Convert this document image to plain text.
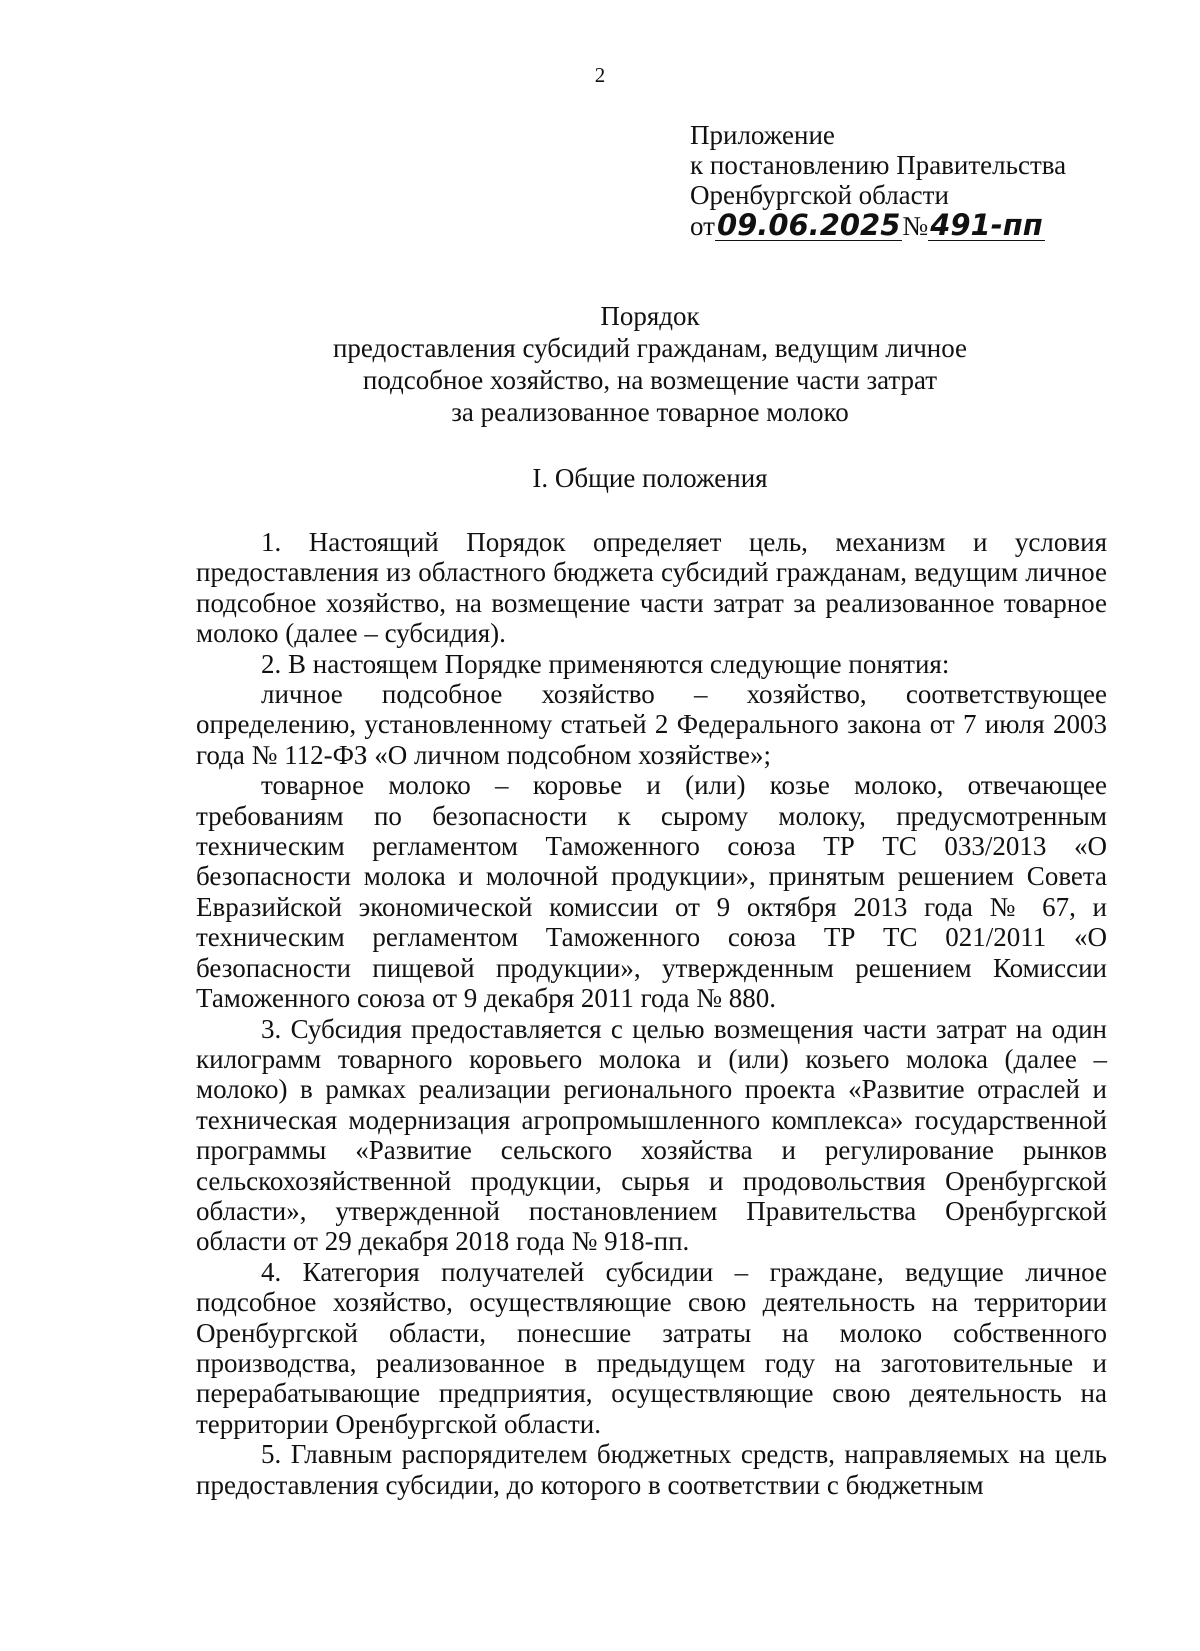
2
Приложение
к постановлению Правительства
Оренбургской области
от09.06.2025№491-пп
Порядок
предоставления субсидий гражданам, ведущим личное
подсобное хозяйство, на возмещение части затрат
за реализованное товарное молоко
I. Общие положения

1. Настоящий Порядок определяет цель, механизм и условия предоставления из областного бюджета субсидий гражданам, ведущим личное подсобное хозяйство, на возмещение части затрат за реализованное товарное молоко (далее – субсидия).

2. В настоящем Порядке применяются следующие понятия:

личное подсобное хозяйство – хозяйство, соответствующее определению, установленному статьей 2 Федерального закона от 7 июля 2003 года № 112-ФЗ «О личном подсобном хозяйстве»;

товарное молоко – коровье и (или) козье молоко, отвечающее требованиям по безопасности к сырому молоку, предусмотренным техническим регламентом Таможенного союза ТР ТС 033/2013 «О безопасности молока и молочной продукции», принятым решением Совета Евразийской экономической комиссии от 9 октября 2013 года № 67, и техническим регламентом Таможенного союза ТР ТС 021/2011 «О безопасности пищевой продукции», утвержденным решением Комиссии Таможенного союза от 9 декабря 2011 года № 880.

3. Субсидия предоставляется с целью возмещения части затрат на один килограмм товарного коровьего молока и (или) козьего молока (далее – молоко) в рамках реализации регионального проекта «Развитие отраслей и техническая модернизация агропромышленного комплекса» государственной программы «Развитие сельского хозяйства и регулирование рынков сельскохозяйственной продукции, сырья и продовольствия Оренбургской области», утвержденной постановлением Правительства Оренбургской области от 29 декабря 2018 года № 918-пп.

4. Категория получателей субсидии – граждане, ведущие личное подсобное хозяйство, осуществляющие свою деятельность на территории Оренбургской области, понесшие затраты на молоко собственного производства, реализованное в предыдущем году на заготовительные и перерабатывающие предприятия, осуществляющие свою деятельность на территории Оренбургской области.

5. Главным распорядителем бюджетных средств, направляемых на цель предоставления субсидии, до которого в соответствии с бюджетным
